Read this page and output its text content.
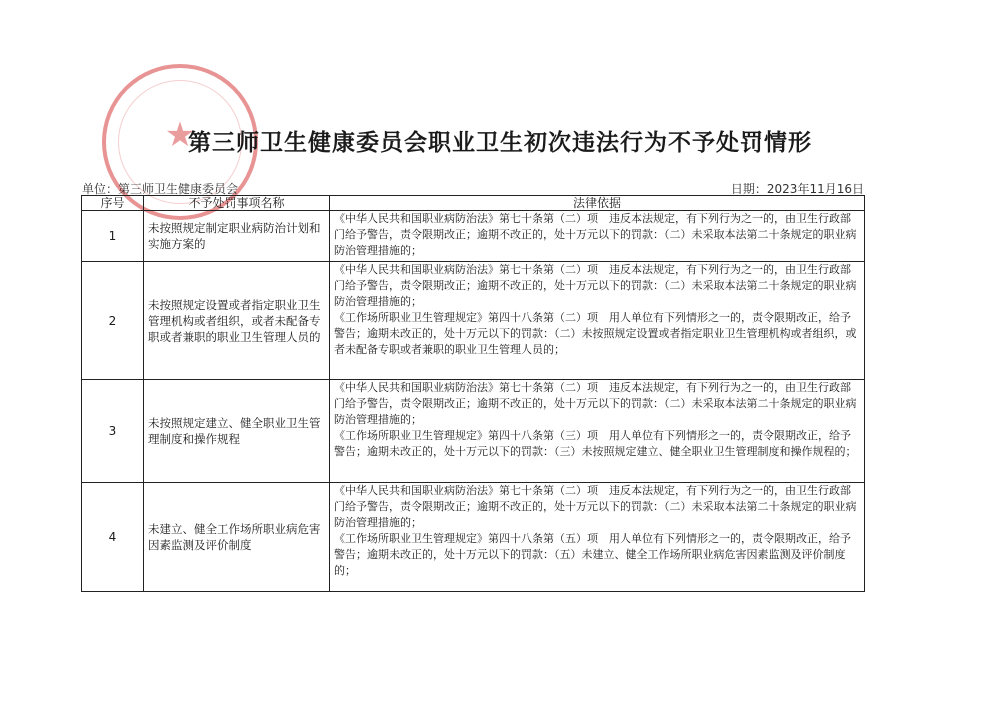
★
第三师卫生健康委员会职业卫生初次违法行为不予处罚情形
单位：第三师卫生健康委员会	日期：2023年11月16日
序号	不予处罚事项名称	法律依据
1	未按照规定制定职业病防治计划和实施方案的	《中华人民共和国职业病防治法》第七十条第（二）项　违反本法规定，有下列行为之一的，由卫生行政部门给予警告，责令限期改正；逾期不改正的，处十万元以下的罚款：（二）未采取本法第二十条规定的职业病防治管理措施的；

2	未按照规定设置或者指定职业卫生管理机构或者组织，或者未配备专职或者兼职的职业卫生管理人员的	《中华人民共和国职业病防治法》第七十条第（二）项　违反本法规定，有下列行为之一的，由卫生行政部门给予警告，责令限期改正；逾期不改正的，处十万元以下的罚款：（二）未采取本法第二十条规定的职业病防治管理措施的；

《工作场所职业卫生管理规定》第四十八条第（二）项　用人单位有下列情形之一的，责令限期改正，给予警告；逾期未改正的，处十万元以下的罚款：（二）未按照规定设置或者指定职业卫生管理机构或者组织，或者未配备专职或者兼职的职业卫生管理人员的；

3	未按照规定建立、健全职业卫生管理制度和操作规程	《中华人民共和国职业病防治法》第七十条第（二）项　违反本法规定，有下列行为之一的，由卫生行政部门给予警告，责令限期改正；逾期不改正的，处十万元以下的罚款：（二）未采取本法第二十条规定的职业病防治管理措施的；

《工作场所职业卫生管理规定》第四十八条第（三）项　用人单位有下列情形之一的，责令限期改正，给予警告；逾期未改正的，处十万元以下的罚款：（三）未按照规定建立、健全职业卫生管理制度和操作规程的；

4	未建立、健全工作场所职业病危害因素监测及评价制度	《中华人民共和国职业病防治法》第七十条第（二）项　违反本法规定，有下列行为之一的，由卫生行政部门给予警告，责令限期改正；逾期不改正的，处十万元以下的罚款：（二）未采取本法第二十条规定的职业病防治管理措施的；

《工作场所职业卫生管理规定》第四十八条第（五）项　用人单位有下列情形之一的，责令限期改正，给予警告；逾期未改正的，处十万元以下的罚款：（五）未建立、健全工作场所职业病危害因素监测及评价制度的；
